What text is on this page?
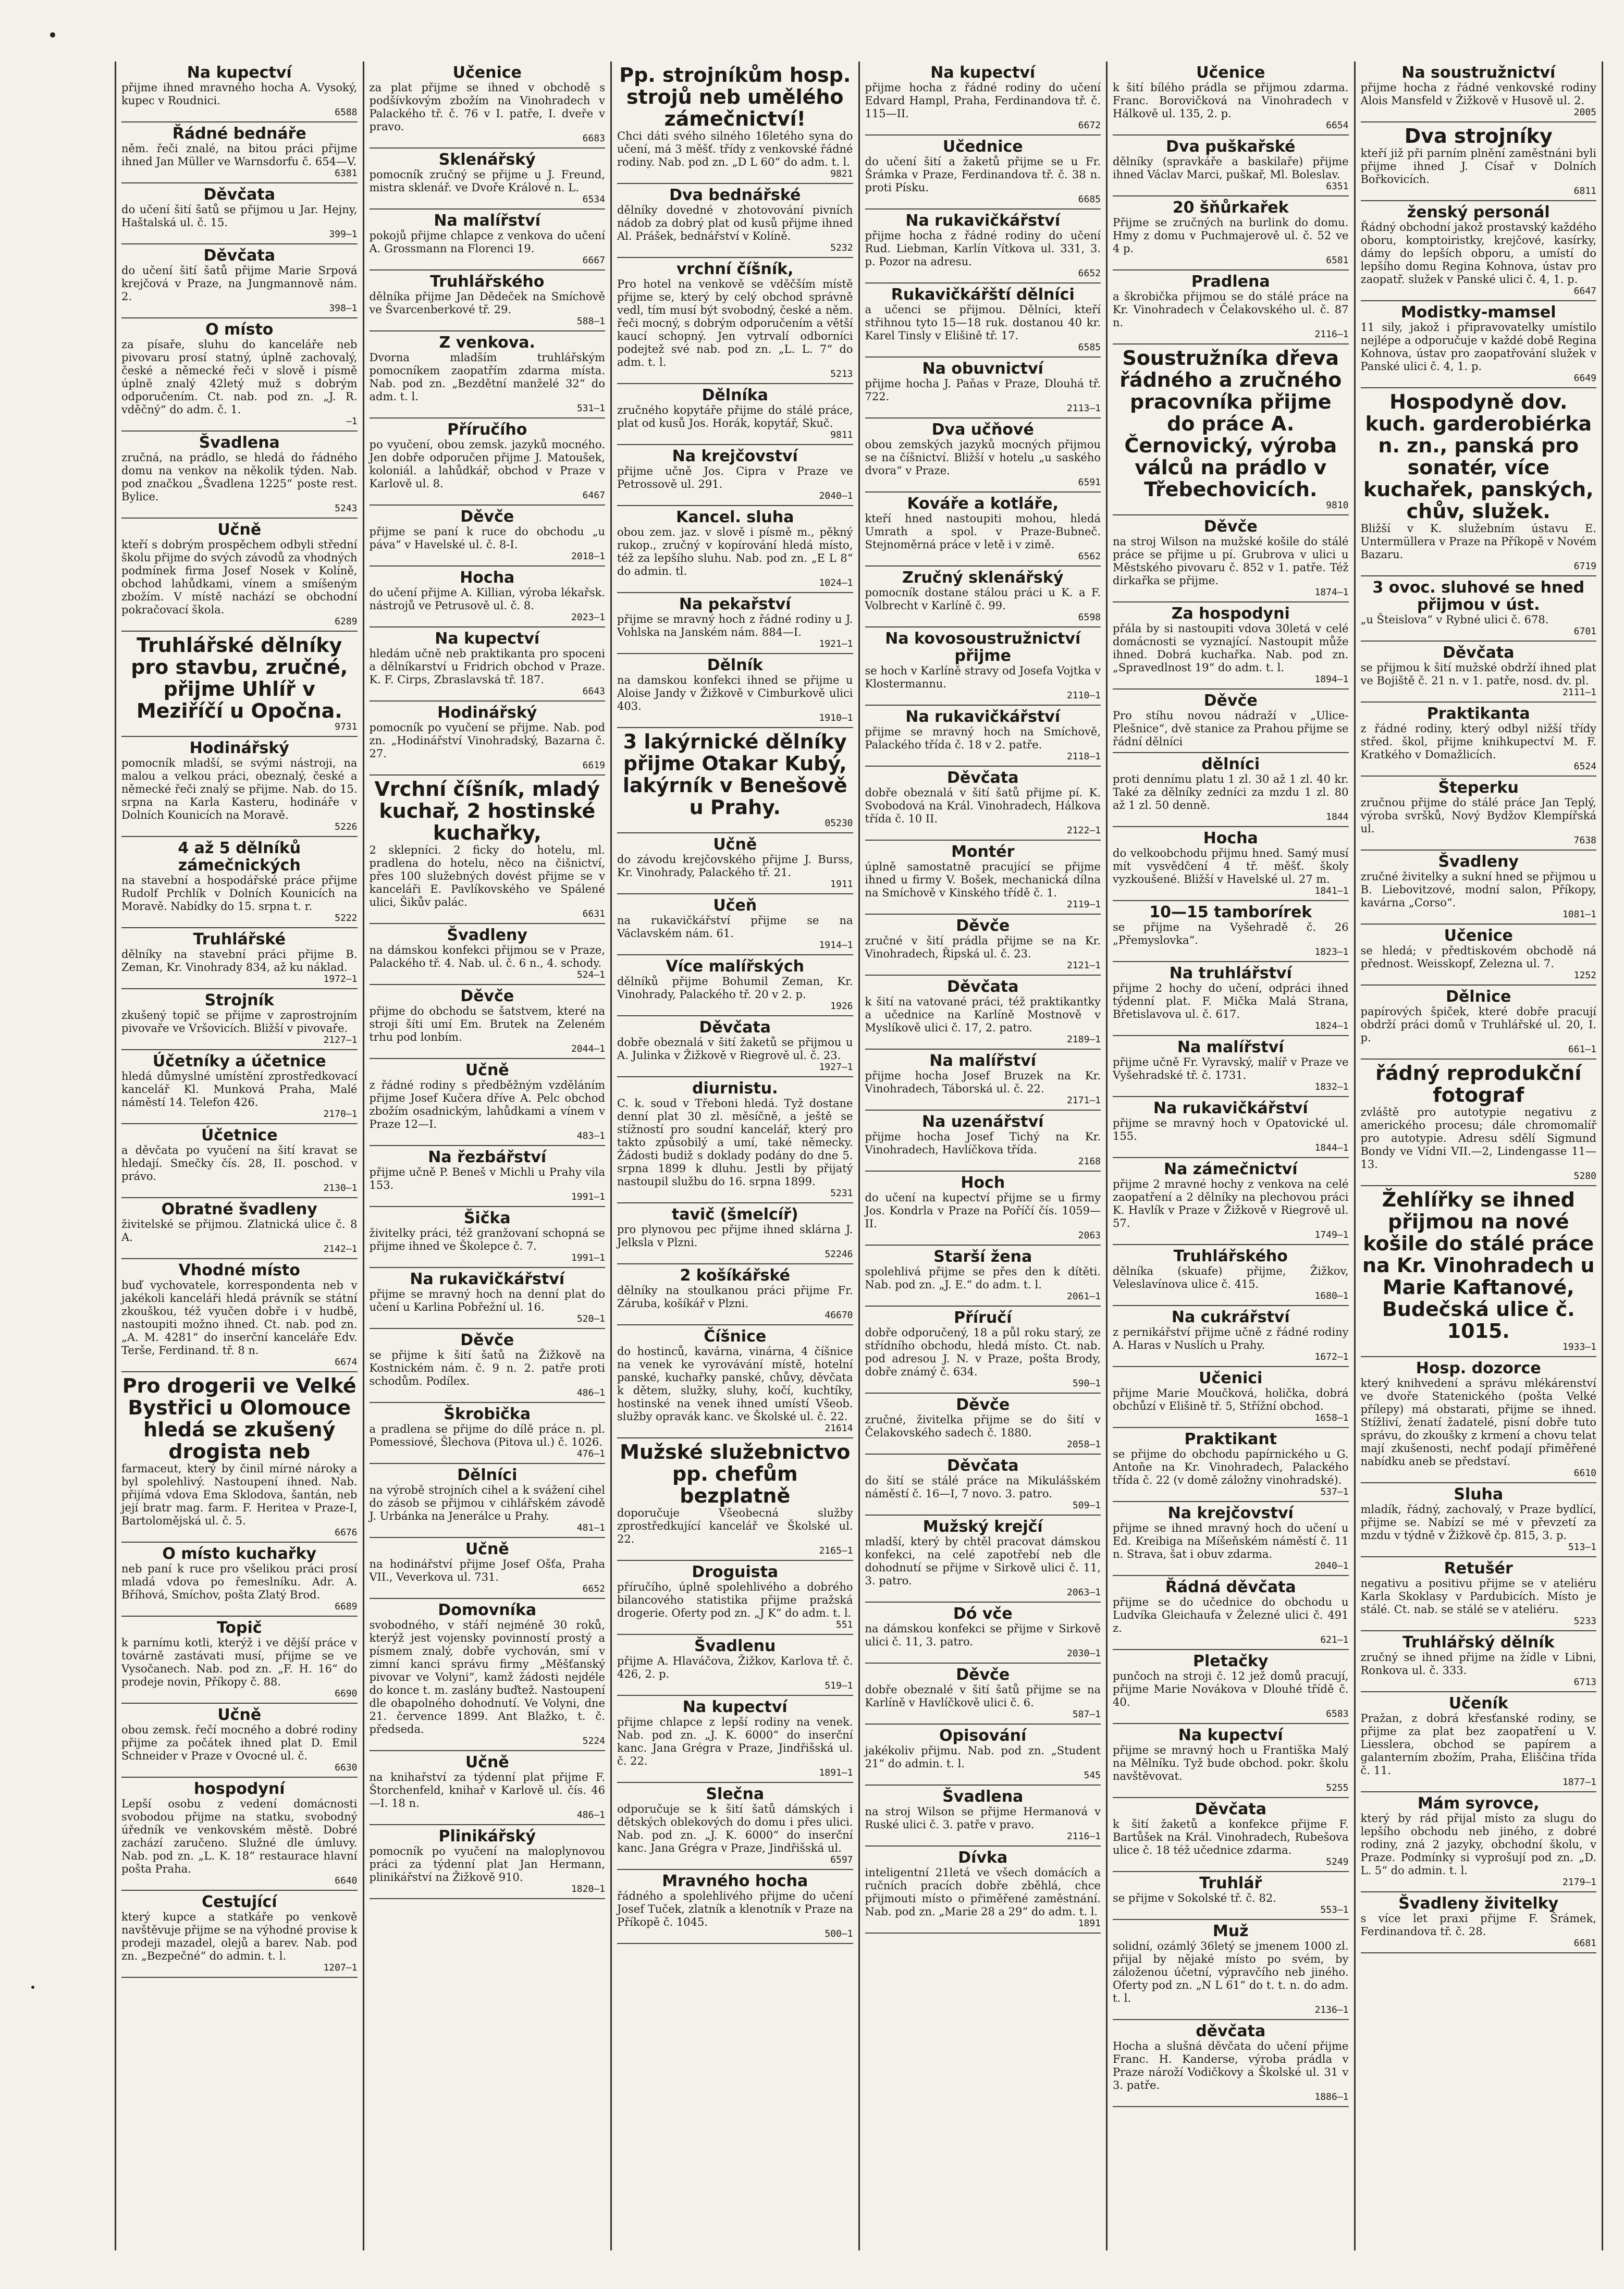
Na kupectví
přijme ihned mravného hocha A. Vysoký, kupec v Roudnici.
6588
Řádné bednáře
něm. řeči znalé, na bitou práci přijme ihned Jan Müller ve Warnsdorfu č. 654—V.
6381
Děvčata
do učení šití šatů se přijmou u Jar. Hejny, Haštalská ul. č. 15.
399—1
Děvčata
do učení šití šatů přijme Marie Srpová krejčová v Praze, na Jungmannově nám. 2.
398—1
O místo
za písaře, sluhu do kanceláře neb pivovaru prosí statný, úplně zachovalý, české a německé řeči v slově i písmě úplně znalý 42letý muž s dobrým odporučením. Ct. nab. pod zn. „J. R. vděčný“ do adm. č. 1.
—1
Švadlena
zručná, na prádlo, se hledá do řádného domu na venkov na několik týden. Nab. pod značkou „Švadlena 1225“ poste rest. Bylice.
5243
Učně
kteří s dobrým prospěchem odbyli střední školu přijme do svých závodů za vhodných podmínek firma Josef Nosek v Kolíně, obchod lahůdkami, vínem a smíšeným zbožím. V místě nachází se obchodní pokračovací škola.
6289
Truhlářské dělníky pro stavbu, zručné, přijme Uhlíř v Meziříčí u Opočna.
9731
Hodinářský
pomocník mladší, se svými nástroji, na malou a velkou práci, obeznalý, české a německé řeči znalý se přijme. Nab. do 15. srpna na Karla Kasteru, hodináře v Dolních Kounicích na Moravě.
5226
4 až 5 dělníků zámečnických
na stavební a hospodářské práce přijme Rudolf Prchlík v Dolních Kounicích na Moravě. Nabídky do 15. srpna t. r.
5222
Truhlářské
dělníky na stavební práci přijme B. Zeman, Kr. Vinohrady 834, až ku náklad.
1972—1
Strojník
zkušený topič se přijme v zaprostrojním pivovaře ve Vršovicích. Bližší v pivovaře.
2127—1
Účetníky a účetnice
hledá důmyslné umístění zprostředkovací kancelář Kl. Munková Praha, Malé náměstí 14. Telefon 426.
2170—1
Účetnice
a děvčata po vyučení na šití kravat se hledají. Smečky čís. 28, II. poschod. v právo.
2130—1
Obratné švadleny
živitelské se přijmou. Zlatnická ulice č. 8 A.
2142—1
Vhodné místo
buď vychovatele, korrespondenta neb v jakékoli kanceláři hledá právník se státní zkouškou, též vyučen dobře i v hudbě, nastoupiti možno ihned. Ct. nab. pod zn. „A. M. 4281“ do inserční kanceláře Edv. Terše, Ferdinand. tř. 8 n.
6674
Pro drogerii ve Velké Bystřici u Olomouce hledá se zkušený drogista neb
farmaceut, který by činil mírné nároky a byl spolehlivý. Nastoupení ihned. Nab. přijímá vdova Ema Sklodova, šantán, neb její bratr mag. farm. F. Heritea v Praze-I, Bartolomějská ul. č. 5.
6676
O místo kuchařky
neb paní k ruce pro všelikou práci prosí mladá vdova po řemeslníku. Adr. A. Bříhová, Smíchov, pošta Zlatý Brod.
6689
Topič
k parnímu kotli, kterýž i ve dější práce v továrně zastávati musí, přijme se ve Vysočanech. Nab. pod zn. „F. H. 16“ do prodeje novin, Příkopy č. 88.
6690
Učně
obou zemsk. řečí mocného a dobré rodiny přijme za počátek ihned plat D. Emil Schneider v Praze v Ovocné ul. č.
6630
hospodyní
Lepší osobu z vedení domácnosti svobodou přijme na statku, svobodný úředník ve venkovském městě. Dobré zachází zaručeno. Služné dle úmluvy. Nab. pod zn. „L. K. 18“ restaurace hlavní pošta Praha.
6640
Cestující
který kupce a statkáře po venkově navštěvuje přijme se na výhodné provise k prodeji mazadel, olejů a barev. Nab. pod zn. „Bezpečné“ do admin. t. l.
1207—1
Učenice
za plat přijme se ihned v obchodě s podšívkovým zbožím na Vinohradech v Palackého tř. č. 76 v I. patře, I. dveře v pravo.
6683
Sklenářský
pomocník zručný se přijme u J. Freund, mistra sklenář. ve Dvoře Králové n. L.
6534
Na malířství
pokojů přijme chlapce z venkova do učení A. Grossmann na Florenci 19.
6667
Truhlářského
dělníka přijme Jan Dědeček na Smíchově ve Švarcenberkové tř. 29.
588—1
Z venkova.
Dvorna mladším truhlářským pomocníkem zaopatřím zdarma místa. Nab. pod zn. „Bezdětní manželé 32“ do adm. t. l.
531—1
Příručího
po vyučení, obou zemsk. jazyků mocného. Jen dobře odporučen přijme J. Matoušek, koloniál. a lahůdkář, obchod v Praze v Karlově ul. 8.
6467
Děvče
přijme se paní k ruce do obchodu „u páva“ v Havelské ul. č. 8-I.
2018—1
Hocha
do učení přijme A. Killian, výroba lékařsk. nástrojů ve Petrusově ul. č. 8.
2023—1
Na kupectví
hledám učně neb praktikanta pro spoceni a dělníkarství u Fridrich obchod v Praze. K. F. Cirps, Zbraslavská tř. 187.
6643
Hodinářský
pomocník po vyučení se přijme. Nab. pod zn. „Hodinářství Vinohradský, Bazarna č. 27.
6619
Vrchní číšník, mladý kuchař, 2 hostinské kuchařky,
2 sklepníci. 2 ficky do hotelu, ml. pradlena do hotelu, něco na čišnictví, přes 100 služebných dovést přijme se v kanceláři E. Pavlíkovského ve Spálené ulici, Šikův palác.
6631
Švadleny
na dámskou konfekci přijmou se v Praze, Palackého tř. 4. Nab. ul. č. 6 n., 4. schody.
524—1
Děvče
přijme do obchodu se šatstvem, které na stroji šíti umí Em. Brutek na Zeleném trhu pod lonbím.
2044—1
Učně
z řádné rodiny s předběžným vzděláním přijme Josef Kučera dříve A. Pelc obchod zbožím osadnickým, lahůdkami a vínem v Praze 12—I.
483—1
Na řezbářství
přijme učně P. Beneš v Michli u Prahy vila 153.
1991—1
Šička
živitelky práci, též granžovaní schopná se přijme ihned ve Školepce č. 7.
1991—1
Na rukavičkářství
přijme se mravný hoch na denní plat do učení u Karlina Pobřežní ul. 16.
520—1
Děvče
se přijme k šití šatů na Žižkově na Kostnickém nám. č. 9 n. 2. patře proti schodům. Podílex.
486—1
Škrobička
a pradlena se přijme do dílě práce n. pl. Pomessiové, Šlechova (Pitova ul.) č. 1026.
476—1
Dělníci
na výrobě strojních cihel a k svážení cihel do zásob se přijmou v cihlářském závodě J. Urbánka na Jenerálce u Prahy.
481—1
Učně
na hodinářství přijme Josef Ošťa, Praha VII., Veverkova ul. 731.
6652
Domovníka
svobodného, v stáří nejméně 30 roků, kterýž jest vojensky povinností prostý a písmem znalý, dobře vychován, smí v zimní kanci správu firmy „Měšťanský pivovar ve Volyni“, kamž žádosti nejdéle do konce t. m. zaslány buďtež. Nastoupení dle obapolného dohodnutí. Ve Volyni, dne 21. července 1899. Ant Blažko, t. č. předseda.
5224
Učně
na knihařství za týdenní plat přijme F. Štorchenfeld, knihař v Karlově ul. čís. 46—I. 18 n.
486—1
Plinikářský
pomocník po vyučení na maloplynovou práci za týdenní plat Jan Hermann, plinikářství na Žižkově 910.
1820—1
Pp. strojníkům hosp. strojů neb umělého zámečnictví!
Chci dáti svého silného 16letého syna do učení, má 3 měšť. třídy z venkovské řádné rodiny. Nab. pod zn. „D L 60“ do adm. t. l.
9821
Dva bednářské
dělníky dovedné v zhotovování pivních nádob za dobrý plat od kusů přijme ihned Al. Prášek, bednářství v Kolíně.
5232
vrchní číšník,
Pro hotel na venkově se vděčším místě přijme se, který by celý obchod správně vedl, tím musí být svobodný, české a něm. řeči mocný, s dobrým odporučením a větší kaucí schopný. Jen vytrvalí odborníci podejtež své nab. pod zn. „L. L. 7“ do adm. t. l.
5213
Dělníka
zručného kopytáře přijme do stálé práce, plat od kusů Jos. Horák, kopytář, Skuč.
9811
Na krejčovství
přijme učně Jos. Cipra v Praze ve Petrossově ul. 291.
2040—1
Kancel. sluha
obou zem. jaz. v slově i písmě m., pěkný rukop., zručný v kopírování hledá místo, též za lepšího sluhu. Nab. pod zn. „E L 8“ do admin. tl.
1024—1
Na pekařství
přijme se mravný hoch z řádné rodiny u J. Vohlska na Janském nám. 884—I.
1921—1
Dělník
na damskou konfekci ihned se přijme u Aloise Jandy v Žižkově v Cimburkově ulici 403.
1910—1
3 lakýrnické dělníky přijme Otakar Kubý, lakýrník v Benešově u Prahy.
05230
Učně
do závodu krejčovského přijme J. Burss, Kr. Vinohrady, Palackého tř. 21.
1911
Učeň
na rukavičkářství přijme se na Václavském nám. 61.
1914—1
Více malířských
dělníků přijme Bohumil Zeman, Kr. Vinohrady, Palackého tř. 20 v 2. p.
1926
Děvčata
dobře obeznalá v šití žaketů se přijmou u A. Julinka v Žižkově v Riegrově ul. č. 23.
1927—1
diurnistu.
C. k. soud v Třeboni hledá. Tyž dostane denní plat 30 zl. měsíčně, a ještě se stížností pro soudní kancelář, který pro takto způsobilý a umí, také německy. Žádosti budiž s doklady podány do dne 5. srpna 1899 k dluhu. Jestli by přijatý nastoupil službu do 16. srpna 1899.
5231
tavič (šmelcíř)
pro plynovou pec přijme ihned sklárna J. Jelksla v Plzni.
52246
2 košíkářské
dělníky na stoulkanou práci přijme Fr. Záruba, košíkář v Plzni.
46670
Číšnice
do hostinců, kavárna, vinárna, 4 číšnice na venek ke vyrovávání místě, hotelní panské, kuchařky panské, chůvy, děvčata k dětem, služky, sluhy, kočí, kuchtíky, hostinské na venek ihned umístí Všeob. služby opravák kanc. ve Školské ul. č. 22.
21614
Mužské služebnictvo pp. chefům bezplatně
doporučuje Všeobecná služby zprostředkující kancelář ve Školské ul. 22.
2165—1
Droguista
příručího, úplně spolehlivého a dobrého bilancového statistika přijme pražská drogerie. Oferty pod zn. „J K“ do adm. t. l.
551
Švadlenu
přijme A. Hlaváčova, Žižkov, Karlova tř. č. 426, 2. p.
519—1
Na kupectví
přijme chlapce z lepší rodiny na venek. Nab. pod zn. „J. K. 6000“ do inserční kanc. Jana Grégra v Praze, Jindřišská ul. č. 22.
1891—1
Slečna
odporučuje se k šití šatů dámských i dětských oblekových do domu i přes ulici. Nab. pod zn. „J. K. 6000“ do inserční kanc. Jana Grégra v Praze, Jindřišská ul.
6597
Mravného hocha
řádného a spolehlivého přijme do učení Josef Tuček, zlatník a klenotník v Praze na Příkopě č. 1045.
500—1
Na kupectví
přijme hocha z řádné rodiny do učení Edvard Hampl, Praha, Ferdinandova tř. č. 115—II.
6672
Učednice
do učení šití a žaketů přijme se u Fr. Šrámka v Praze, Ferdinandova tř. č. 38 n. proti Písku.
6685
Na rukavičkářství
přijme hocha z řádné rodiny do učení Rud. Liebman, Karlín Vítkova ul. 331, 3. p. Pozor na adresu.
6652
Rukavičkářští dělníci
a učenci se přijmou. Dělníci, kteří střihnou tyto 15—18 ruk. dostanou 40 kr. Karel Tinsly v Elišině tř. 17.
6585
Na obuvnictví
přijme hocha J. Paňas v Praze, Dlouhá tř. 722.
2113—1
Dva učňové
obou zemských jazyků mocných přijmou se na číšnictví. Bližší v hotelu „u saského dvora“ v Praze.
6591
Kováře a kotláře,
kteří hned nastoupiti mohou, hledá Umrath a spol. v Praze-Bubneč. Stejnoměrná práce v letě i v zimě.
6562
Zručný sklenářský
pomocník dostane stálou práci u K. a F. Volbrecht v Karlíně č. 99.
6598
Na kovosoustružnictví přijme
se hoch v Karlíně stravy od Josefa Vojtka v Klostermannu.
2110—1
Na rukavičkářství
přijme se mravný hoch na Smíchově, Palackého třída č. 18 v 2. patře.
2118—1
Děvčata
dobře obeznalá v šití šatů přijme pí. K. Svobodová na Král. Vinohradech, Hálkova třída č. 10 II.
2122—1
Montér
úplně samostatně pracující se přijme ihned u firmy V. Bošek, mechanická dílna na Smíchově v Kinského třídě č. 1.
2119—1
Děvče
zručné v šití prádla přijme se na Kr. Vinohradech, Řipská ul. č. 23.
2121—1
Děvčata
k šití na vatované práci, též praktikantky a učednice na Karlíně Mostnově v Myslíkově ulici č. 17, 2. patro.
2189—1
Na malířství
přijme hocha Josef Bruzek na Kr. Vinohradech, Táborská ul. č. 22.
2171—1
Na uzenářství
přijme hocha Josef Tichý na Kr. Vinohradech, Havlíčkova třída.
2168
Hoch
do učení na kupectví přijme se u firmy Jos. Kondrla v Praze na Poříčí čís. 1059—II.
2063
Starší žena
spolehlivá přijme se přes den k dítěti. Nab. pod zn. „J. E.“ do adm. t. l.
2061—1
Příručí
dobře odporučený, 18 a půl roku starý, ze střídního obchodu, hledá místo. Ct. nab. pod adresou J. N. v Praze, pošta Brody, dobře známý č. 634.
590—1
Děvče
zručné, živitelka přijme se do šití v Čelakovského sadech č. 1880.
2058—1
Děvčata
do šití se stálé práce na Mikulášském náměstí č. 16—I, 7 novo. 3. patro.
509—1
Mužský krejčí
mladší, který by chtěl pracovat dámskou konfekci, na celé zapotřebí neb dle dohodnutí se přijme v Sirkově ulici č. 11, 3. patro.
2063—1
Dó vče
na dámskou konfekci se přijme v Sirkově ulici č. 11, 3. patro.
2030—1
Děvče
dobře obeznalé v šití šatů přijme se na Karlíně v Havlíčkově ulici č. 6.
587—1
Opisování
jakékoliv přijmu. Nab. pod zn. „Student 21“ do admin. t. l.
545
Švadlena
na stroj Wilson se přijme Hermanová v Ruské ulici č. 3. patře v pravo.
2116—1
Dívka
inteligentní 21letá ve všech domácích a ručních pracích dobře zběhlá, chce přijmouti místo o přiměřené zaměstnání. Nab. pod zn. „Marie 28 a 29“ do adm. t. l.
1891
Učenice
k šití bílého prádla se přijmou zdarma. Franc. Borovičková na Vinohradech v Hálkově ul. 135, 2. p.
6654
Dva puškařské
dělníky (spravkáře a baskilaře) přijme ihned Václav Marci, puškař, Ml. Boleslav.
6351
20 šňůrkařek
Přijme se zručných na burlink do domu. Hmy z domu v Puchmajerově ul. č. 52 ve 4 p.
6581
Pradlena
a škrobička přijmou se do stálé práce na Kr. Vinohradech v Čelakovského ul. č. 87 n.
2116—1
Soustružníka dřeva řádného a zručného pracovníka přijme do práce A. Černovický, výroba válců na prádlo v Třebechovicích.
9810
Děvče
na stroj Wilson na mužské košile do stálé práce se přijme u pí. Grubrova v ulici u Městského pivovaru č. 852 v 1. patře. Též dirkařka se přijme.
1874—1
Za hospodyni
přála by si nastoupiti vdova 30letá v celé domácnosti se vyznající. Nastoupit může ihned. Dobrá kuchařka. Nab. pod zn. „Spravedlnost 19“ do adm. t. l.
1894—1
Děvče
Pro stíhu novou nádraží v „Ulice-Plešnice“, dvě stanice za Prahou přijme se řádní dělníci
dělníci
proti dennímu platu 1 zl. 30 až 1 zl. 40 kr. Také za dělníky zedníci za mzdu 1 zl. 80 až 1 zl. 50 denně.
1844
Hocha
do velkoobchodu přijmu hned. Samý musí mít vysvědčení 4 tř. měšť. školy vyzkoušené. Bližší v Havelské ul. 27 m.
1841—1
10—15 tamborírek
se přijme na Vyšehradě č. 26 „Přemyslovka“.
1823—1
Na truhlářství
přijme 2 hochy do učení, odpráci ihned týdenní plat. F. Mička Malá Strana, Břetislavova ul. č. 617.
1824—1
Na malířství
přijme učně Fr. Vyravský, malíř v Praze ve Vyšehradské tř. č. 1731.
1832—1
Na rukavičkářství
přijme se mravný hoch v Opatovické ul. 155.
1844—1
Na zámečnictví
přijme 2 mravné hochy z venkova na celé zaopatření a 2 dělníky na plechovou práci K. Havlík v Praze v Žižkově v Riegrově ul. 57.
1749—1
Truhlářského
dělníka (skuafe) přijme, Žižkov, Veleslavínova ulice č. 415.
1680—1
Na cukrářství
z pernikářství přijme učně z řádné rodiny A. Haras v Nuslích u Prahy.
1672—1
Učenici
přijme Marie Moučková, holička, dobrá obchůzí v Elišině tř. 5, Střížní obchod.
1658—1
Praktikant
se přijme do obchodu papírnického u G. Antoňe na Kr. Vinohradech, Palackého třída č. 22 (v domě záložny vinohradské).
537—1
Na krejčovství
přijme se ihned mravný hoch do učení u Ed. Kreibiga na Míšeňském náměstí č. 11 n. Strava, šat i obuv zdarma.
2040—1
Řádná děvčata
přijme se do učednice do obchodu u Ludvíka Gleichaufa v Železné ulici č. 491 z.
621—1
Pletačky
punčoch na stroji č. 12 jež domů pracují, přijme Marie Novákova v Dlouhé třídě č. 40.
6583
Na kupectví
přijme se mravný hoch u Františka Malý na Mělníku. Tyž bude obchod. pokr. školu navštěvovat.
5255
Děvčata
k šití žaketů a konfekce přijme F. Bartůšek na Král. Vinohradech, Rubešova ulice č. 18 též učednice zdarma.
5249
Truhlář
se přijme v Sokolské tř. č. 82.
553—1
Muž
solidní, ozámlý 36letý se jmenem 1000 zl. přijal by nějaké místo po svém, by záloženou účetní, výpravčího neb jiného. Oferty pod zn. „N L 61“ do t. t. n. do adm. t. l.
2136—1
děvčata
Hocha a slušná děvčata do učení přijme Franc. H. Kanderse, výroba prádla v Praze nároží Vodičkovy a Školské ul. 31 v 3. patře.
1886—1
Na soustružnictví
přijme hocha z řádné venkovské rodiny Alois Mansfeld v Žižkově v Husově ul. 2.
2005
Dva strojníky
kteří již při parním plnění zaměstnáni byli přijme ihned J. Císař v Dolních Bořkovicích.
6811
ženský personál
Řádný obchodní jakož prostavský každého oboru, komptoiristky, krejčové, kasírky, dámy do lepších obporu, a umístí do lepšího domu Regina Kohnova, ústav pro zaopatř. služek v Panské ulici č. 4, 1. p.
6647
Modistky-mamsel
11 sily, jakož i připravovatelky umístilo nejlépe a odporučuje v každé době Regina Kohnova, ústav pro zaopatřování služek v Panské ulici č. 4, 1. p.
6649
Hospodyně dov. kuch. garderobiérka n. zn., panská pro sonatér, více kuchařek, panských, chův, služek.
Bližší v K. služebním ústavu E. Untermüllera v Praze na Příkopě v Novém Bazaru.
6719
3 ovoc. sluhové se hned přijmou v úst.
„u Šteislova“ v Rybné ulici č. 678.
6701
Děvčata
se přijmou k šití mužské obdrží ihned plat ve Bojiště č. 21 n. v 1. patře, nosd. dv. pl.
2111—1
Praktikanta
z řádné rodiny, který odbyl nižší třídy střed. škol, přijme knihkupectví M. F. Kratkého v Domažlicích.
6524
Šteperku
zručnou přijme do stálé práce Jan Teplý, výroba svršků, Nový Bydžov Klempířská ul.
7638
Švadleny
zručné živitelky a sukní hned se přijmou u B. Liebovitzové, modní salon, Příkopy, kavárna „Corso“.
1081—1
Učenice
se hledá; v předtiskovém obchodě ná přednost. Weisskopf, Zelezna ul. 7.
1252
Dělnice
papírových špiček, které dobře pracují obdrží práci domů v Truhlářské ul. 20, I. p.
661—1
řádný reprodukční fotograf
zvláště pro autotypie negativu z amerického procesu; dále chromomalíř pro autotypie. Adresu sdělí Sigmund Bondy ve Vídni VII.—2, Lindengasse 11—13.
5280
Žehlířky se ihned přijmou na nové košile do stálé práce na Kr. Vinohradech u Marie Kaftanové, Budečská ulice č. 1015.
1933—1
Hosp. dozorce
který knihvedení a správu mlékárenství ve dvoře Statenického (pošta Velké přílepy) má obstarati, přijme se ihned. Stížliví, ženatí žadatelé, pisní dobře tuto správu, do zkoušky z krmení a chovu telat mají zkušenosti, nechť podají přiměřené nabídku aneb se představí.
6610
Sluha
mladík, řádný, zachovalý, v Praze bydlící, přijme se. Nabízí se mé v převzetí za mzdu v týdně v Žižkově čp. 815, 3. p.
513—1
Retušér
negativu a positivu přijme se v ateliéru Karla Skoklasy v Pardubicích. Místo je stálé. Ct. nab. se stálé se v ateliéru.
5233
Truhlářský dělník
zručný se ihned přijme na žídle v Libni, Ronkova ul. č. 333.
6713
Učeník
Pražan, z dobrá křesťanské rodiny, se přijme za plat bez zaopatření u V. Liesslera, obchod se papírem a galanterním zbožím, Praha, Eliščina třída č. 11.
1877—1
Mám syrovce,
který by rád přijal místo za slugu do lepšího obchodu neb jiného, z dobré rodiny, zná 2 jazyky, obchodní školu, v Praze. Podmínky si vyprošují pod zn. „D. L. 5“ do admin. t. l.
2179—1
Švadleny živitelky
s více let praxi přijme F. Šrámek, Ferdinandova tř. č. 28.
6681
